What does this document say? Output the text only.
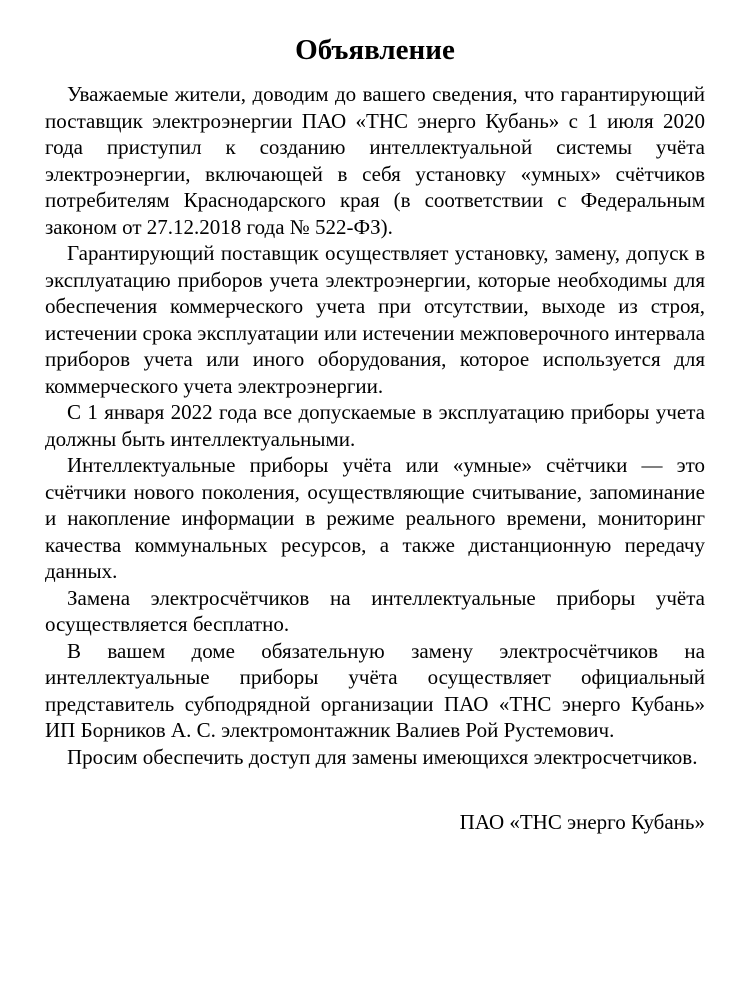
Объявление

Уважаемые жители, доводим до вашего сведения, что гарантирующий поставщик электроэнергии ПАО «ТНС энерго Кубань» с 1 июля 2020 года приступил к созданию интеллектуальной системы учёта электроэнергии, включающей в себя установку «умных» счётчиков потребителям Краснодарского края (в соответствии с Федеральным законом от 27.12.2018 года № 522-ФЗ).

Гарантирующий поставщик осуществляет установку, замену, допуск в эксплуатацию приборов учета электроэнергии, которые необходимы для обеспечения коммерческого учета при отсутствии, выходе из строя, истечении срока эксплуатации или истечении межповерочного интервала приборов учета или иного оборудования, которое используется для коммерческого учета электроэнергии.

С 1 января 2022 года все допускаемые в эксплуатацию приборы учета должны быть интеллектуальными.

Интеллектуальные приборы учёта или «умные» счётчики — это счётчики нового поколения, осуществляющие считывание, запоминание и накопление информации в режиме реального времени, мониторинг качества коммунальных ресурсов, а также дистанционную передачу данных.

Замена электросчётчиков на интеллектуальные приборы учёта осуществляется бесплатно.

В вашем доме обязательную замену электросчётчиков на интеллектуальные приборы учёта осуществляет официальный представитель субподрядной организации ПАО «ТНС энерго Кубань» ИП Борников А. С. электромонтажник Валиев Рой Рустемович.

Просим обеспечить доступ для замены имеющихся электросчетчиков.

ПАО «ТНС энерго Кубань»
